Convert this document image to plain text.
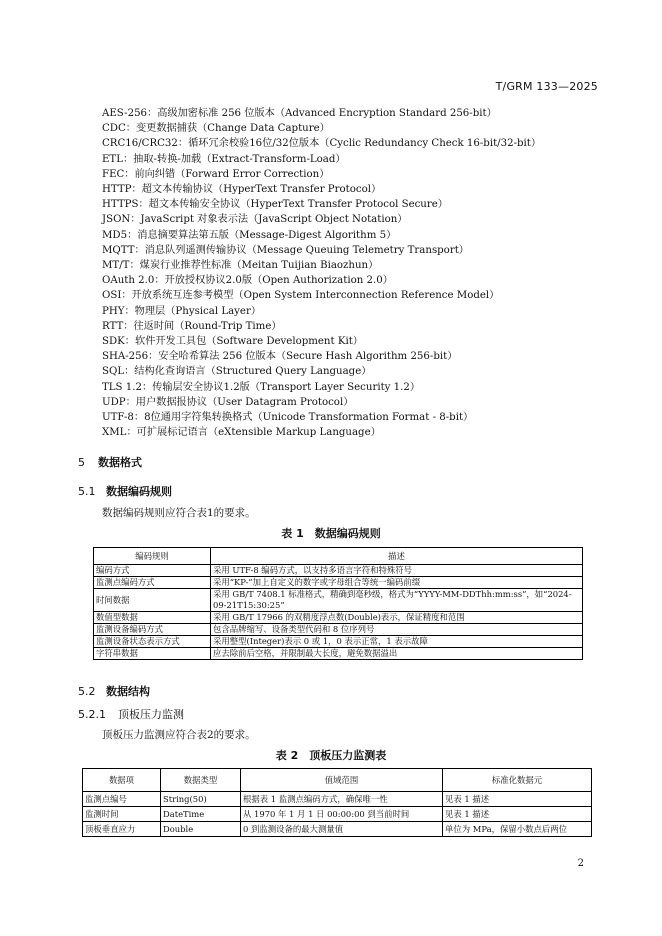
T/GRM 133—2025
AES-256：高级加密标准 256 位版本（Advanced Encryption Standard 256-bit）
CDC：变更数据捕获（Change Data Capture）
CRC16/CRC32：循环冗余校验16位/32位版本（Cyclic Redundancy Check 16-bit/32-bit）
ETL：抽取-转换-加载（Extract-Transform-Load）
FEC：前向纠错（Forward Error Correction）
HTTP：超文本传输协议（HyperText Transfer Protocol）
HTTPS：超文本传输安全协议（HyperText Transfer Protocol Secure）
JSON：JavaScript 对象表示法（JavaScript Object Notation）
MD5：消息摘要算法第五版（Message-Digest Algorithm 5）
MQTT：消息队列遥测传输协议（Message Queuing Telemetry Transport）
MT/T：煤炭行业推荐性标准（Meitan Tuijian Biaozhun）
OAuth 2.0：开放授权协议2.0版（Open Authorization 2.0）
OSI：开放系统互连参考模型（Open System Interconnection Reference Model）
PHY：物理层（Physical Layer）
RTT：往返时间（Round-Trip Time）
SDK：软件开发工具包（Software Development Kit）
SHA-256：安全哈希算法 256 位版本（Secure Hash Algorithm 256-bit）
SQL：结构化查询语言（Structured Query Language）
TLS 1.2：传输层安全协议1.2版（Transport Layer Security 1.2）
UDP：用户数据报协议（User Datagram Protocol）
UTF-8：8位通用字符集转换格式（Unicode Transformation Format - 8-bit）
XML：可扩展标记语言（eXtensible Markup Language）
5 数据格式
5.1 数据编码规则
数据编码规则应符合表1的要求。
表 1　数据编码规则
编码规则	描述
编码方式	采用 UTF-8 编码方式，以支持多语言字符和特殊符号
监测点编码方式	采用“KP-”加上自定义的数字或字母组合等统一编码前缀
时间数据	采用 GB/T 7408.1 标准格式，精确到毫秒级，格式为“YYYY-MM-DDThh:mm:ss”，如“2024-09-21T15:30:25”
数值型数据	采用 GB/T 17966 的双精度浮点数(Double)表示，保证精度和范围
监测设备编码方式	包含品牌缩写、设备类型代码和 8 位序列号
监测设备状态表示方式	采用整型(Integer)表示 0 或 1，0 表示正常，1 表示故障
字符串数据	应去除前后空格，并限制最大长度，避免数据溢出
5.2 数据结构
5.2.1 顶板压力监测
顶板压力监测应符合表2的要求。
表 2　顶板压力监测表
数据项	数据类型	值域范围	标准化数据元
监测点编号	String(50)	根据表 1 监测点编码方式，确保唯一性	见表 1 描述
监测时间	DateTime	从 1970 年 1 月 1 日 00:00:00 到当前时间	见表 1 描述
顶板垂直应力	Double	0 到监测设备的最大测量值	单位为 MPa，保留小数点后两位
2
